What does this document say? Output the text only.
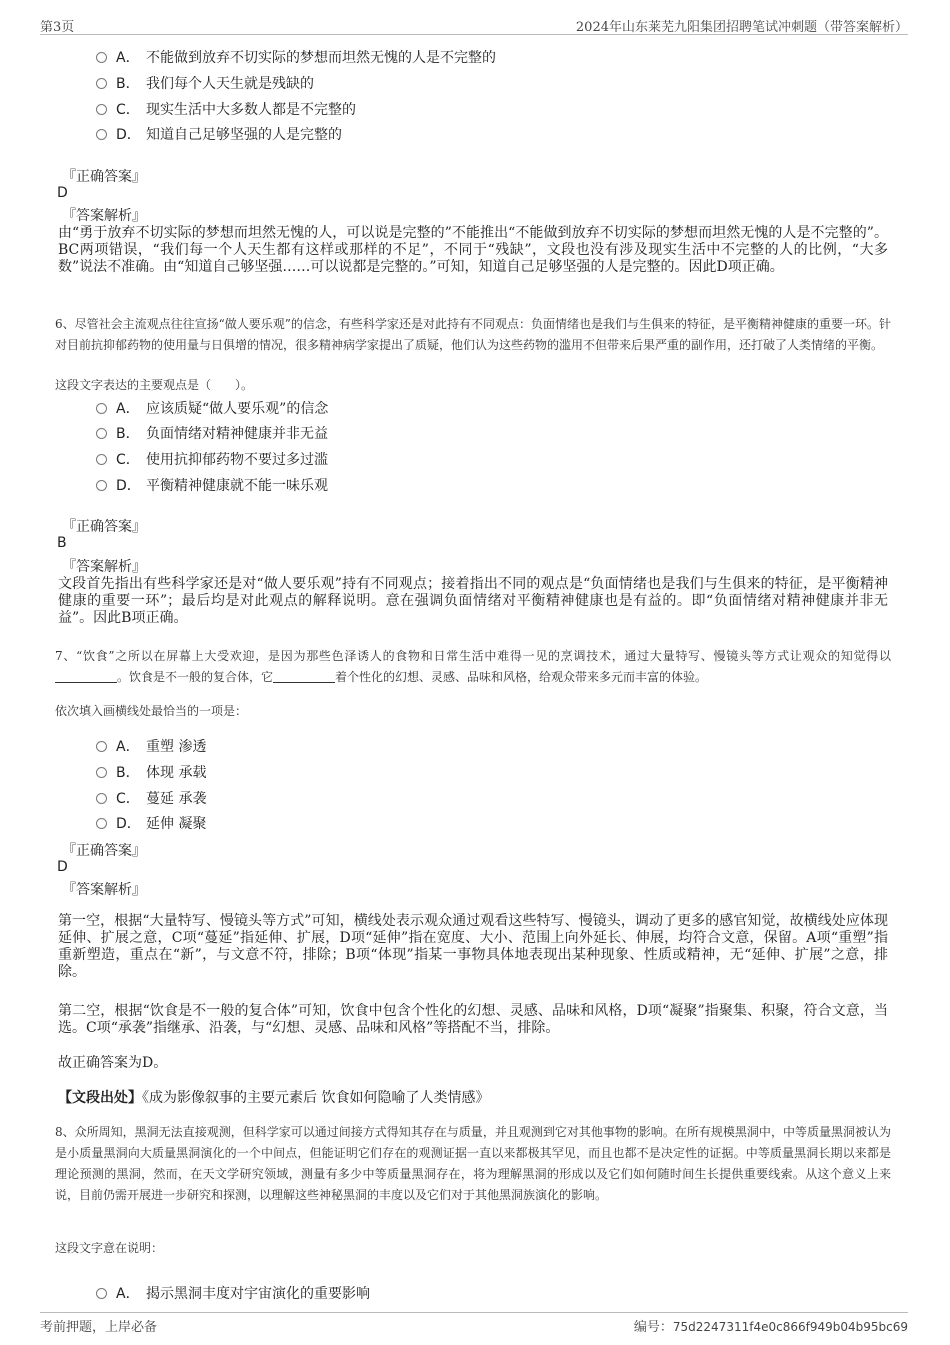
第3页	2024年山东莱芜九阳集团招聘笔试冲刺题（带答案解析）
A． 不能做到放弃不切实际的梦想而坦然无愧的人是不完整的
B． 我们每个人天生就是残缺的
C． 现实生活中大多数人都是不完整的
D． 知道自己足够坚强的人是完整的
『正确答案』
D
『答案解析』
由“勇于放弃不切实际的梦想而坦然无愧的人，可以说是完整的”不能推出“不能做到放弃不切实际的梦想而坦然无愧的人是不完整的”。BC两项错误，“我们每一个人天生都有这样或那样的不足”，不同于“残缺”，文段也没有涉及现实生活中不完整的人的比例，“大多数”说法不准确。由“知道自己够坚强……可以说都是完整的。”可知，知道自己足够坚强的人是完整的。因此D项正确。
6、尽管社会主流观点往往宣扬“做人要乐观”的信念，有些科学家还是对此持有不同观点：负面情绪也是我们与生俱来的特征，是平衡精神健康的重要一环。针对目前抗抑郁药物的使用量与日俱增的情况，很多精神病学家提出了质疑，他们认为这些药物的滥用不但带来后果严重的副作用，还打破了人类情绪的平衡。
这段文字表达的主要观点是（　　）。
A． 应该质疑“做人要乐观”的信念
B． 负面情绪对精神健康并非无益
C． 使用抗抑郁药物不要过多过滥
D． 平衡精神健康就不能一味乐观
『正确答案』
B
『答案解析』
文段首先指出有些科学家还是对“做人要乐观”持有不同观点；接着指出不同的观点是“负面情绪也是我们与生俱来的特征，是平衡精神健康的重要一环”；最后均是对此观点的解释说明。意在强调负面情绪对平衡精神健康也是有益的。即“负面情绪对精神健康并非无益”。因此B项正确。
7、“饮食”之所以在屏幕上大受欢迎，是因为那些色泽诱人的食物和日常生活中难得一见的烹调技术，通过大量特写、慢镜头等方式让观众的知觉得以。饮食是不一般的复合体，它	着个性化的幻想、灵感、品味和风格，给观众带来多元而丰富的体验。
依次填入画横线处最恰当的一项是：
A． 重塑 渗透
B． 体现 承载
C． 蔓延 承袭
D． 延伸 凝聚
『正确答案』
D
『答案解析』
第一空，根据“大量特写、慢镜头等方式”可知，横线处表示观众通过观看这些特写、慢镜头，调动了更多的感官知觉，故横线处应体现延伸、扩展之意，C项“蔓延”指延伸、扩展，D项“延伸”指在宽度、大小、范围上向外延长、伸展，均符合文意，保留。A项“重塑”指重新塑造，重点在“新”，与文意不符，排除；B项“体现”指某一事物具体地表现出某种现象、性质或精神，无“延伸、扩展”之意，排除。
第二空，根据“饮食是不一般的复合体”可知，饮食中包含个性化的幻想、灵感、品味和风格，D项“凝聚”指聚集、积聚，符合文意，当选。C项“承袭”指继承、沿袭，与“幻想、灵感、品味和风格”等搭配不当，排除。
故正确答案为D。
【文段出处】《成为影像叙事的主要元素后 饮食如何隐喻了人类情感》
8、众所周知，黑洞无法直接观测，但科学家可以通过间接方式得知其存在与质量，并且观测到它对其他事物的影响。在所有规模黑洞中，中等质量黑洞被认为是小质量黑洞向大质量黑洞演化的一个中间点，但能证明它们存在的观测证据一直以来都极其罕见，而且也都不是决定性的证据。中等质量黑洞长期以来都是理论预测的黑洞，然而，在天文学研究领域，测量有多少中等质量黑洞存在，将为理解黑洞的形成以及它们如何随时间生长提供重要线索。从这个意义上来说，目前仍需开展进一步研究和探测，以理解这些神秘黑洞的丰度以及它们对于其他黑洞族演化的影响。
这段文字意在说明：
A． 揭示黑洞丰度对宇宙演化的重要影响
考前押题，上岸必备	编号：75d2247311f4e0c866f949b04b95bc69
